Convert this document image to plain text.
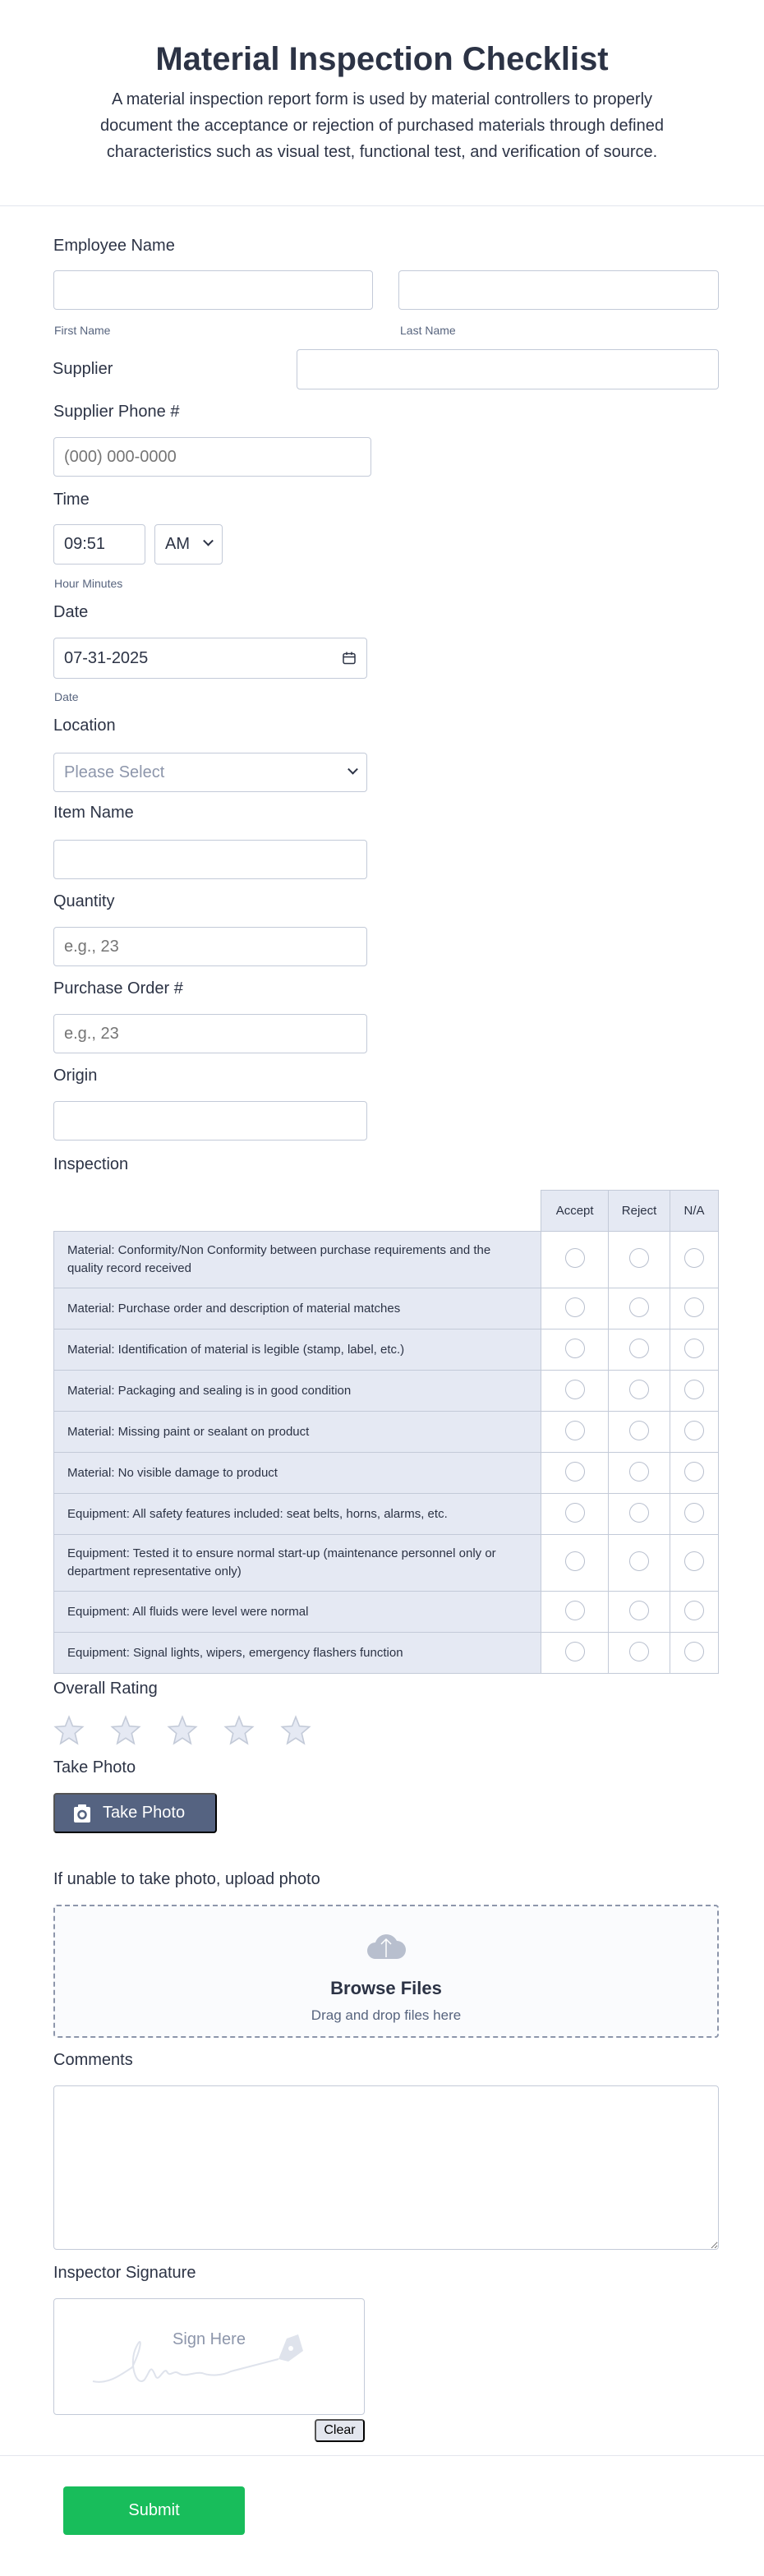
Material Inspection Checklist
A material inspection report form is used by material controllers to properly document the acceptance or rejection of purchased materials through defined characteristics such as visual test, functional test, and verification of source.
Employee Name
First Name	Last Name
Supplier
Supplier Phone #
(000) 000-0000
Time
09:51	AM
Hour Minutes
Date
07-31-2025
Date
Location
Please Select
Item Name
Quantity
e.g., 23
Purchase Order #
e.g., 23
Origin
Inspection
	Accept	Reject	N/A
Material: Conformity/Non Conformity between purchase requirements and the quality record received			
Material: Purchase order and description of material matches			
Material: Identification of material is legible (stamp, label, etc.)			
Material: Packaging and sealing is in good condition			
Material: Missing paint or sealant on product			
Material: No visible damage to product			
Equipment: All safety features included: seat belts, horns, alarms, etc.			
Equipment: Tested it to ensure normal start-up (maintenance personnel only or department representative only)			
Equipment: All fluids were level were normal			
Equipment: Signal lights, wipers, emergency flashers function			
Overall Rating
Take Photo
Take Photo
If unable to take photo, upload photo
Browse Files
Drag and drop files here
Comments
Inspector Signature
Sign Here
Clear
Submit
